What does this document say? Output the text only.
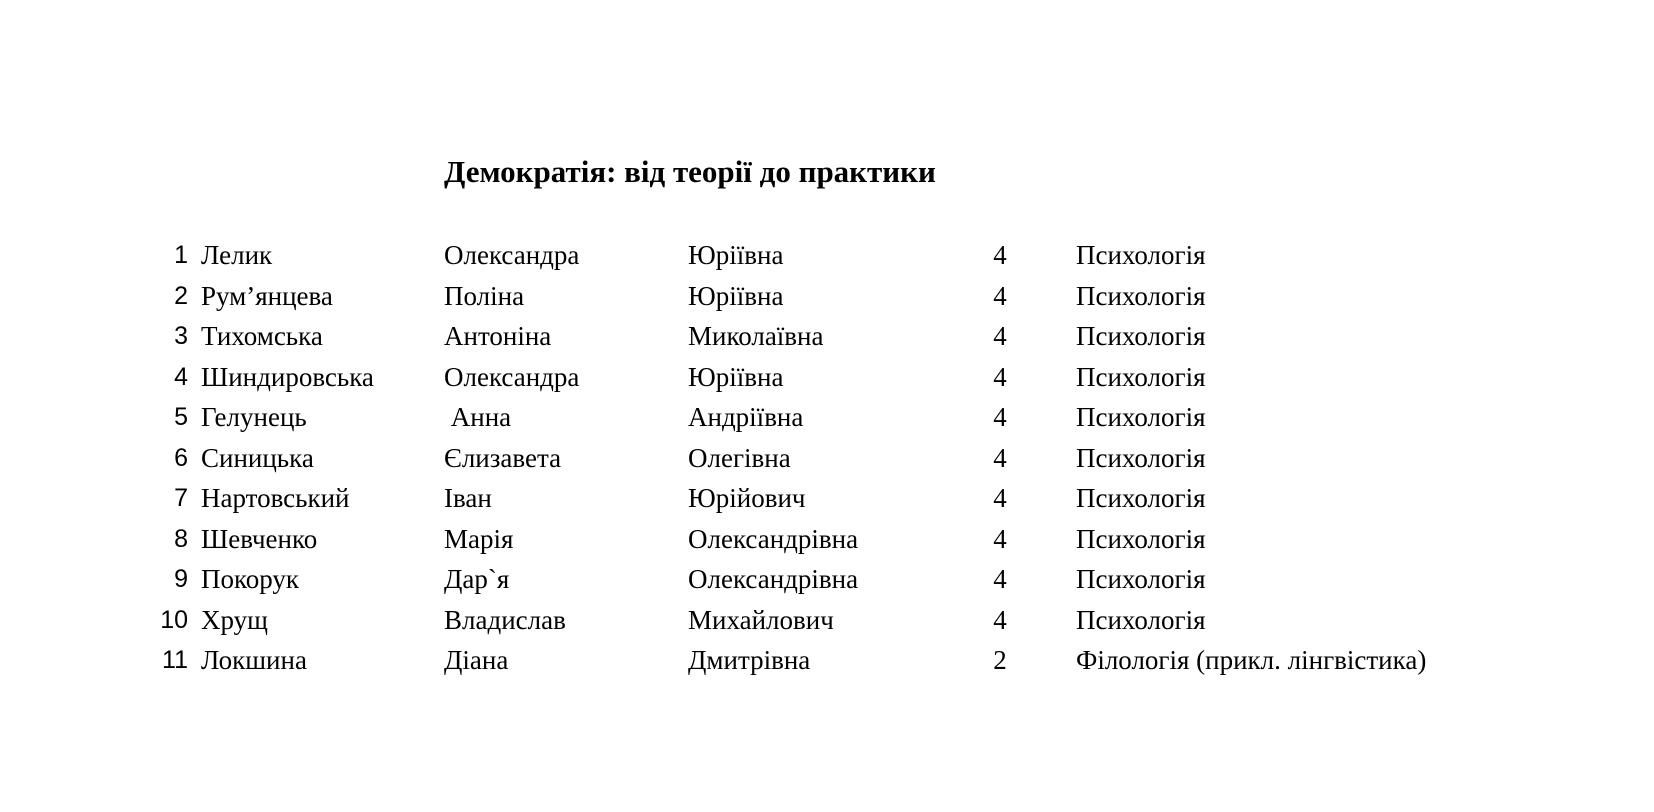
Демократія: від теорії до практики
1 Лелик	Олександра	Юріївна	4	Психологія
2 Рум’янцева	Поліна	Юріївна	4	Психологія
3 Тихомська	Антоніна	Миколаївна	4	Психологія
4 Шиндировська	Олександра	Юріївна	4	Психологія
5 Гелунець	Анна	Андріївна	4	Психологія
6 Синицька	Єлизавета	Олегівна	4	Психологія
7 Нартовський	Іван	Юрійович	4	Психологія
8 Шевченко	Марія	Олександрівна	4	Психологія
9 Покорук	Дар`я	Олександрівна	4	Психологія
10 Хрущ	Владислав	Михайлович	4	Психологія
11 Локшина	Діана	Дмитрівна	2	Філологія (прикл. лінгвістика)
